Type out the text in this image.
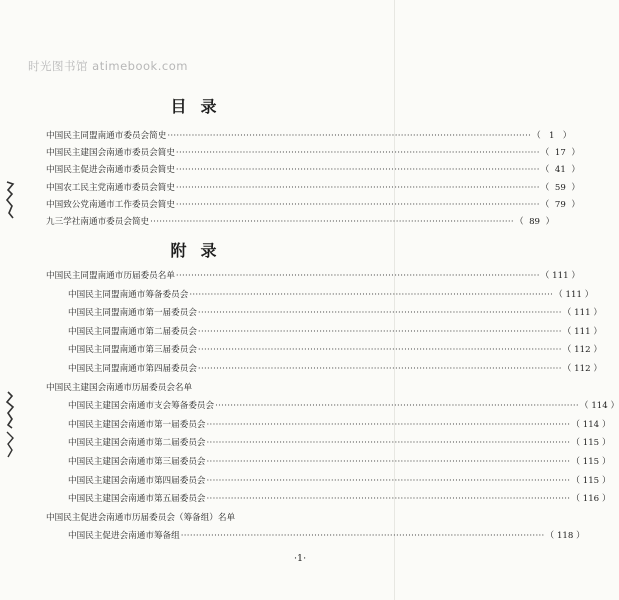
时光图书馆 atimebook.com
目录
中国民主同盟南通市委员会简史 ························································································································ （ 1 ）
中国民主建国会南通市委员会简史 ························································································································ （ 17 ）
中国民主促进会南通市委员会简史 ························································································································ （ 41 ）
中国农工民主党南通市委员会简史 ························································································································ （ 59 ）
中国致公党南通市工作委员会简史 ························································································································ （ 79 ）
九三学社南通市委员会简史 ························································································································ （ 89 ）
附录
中国民主同盟南通市历届委员名单 ························································································································ （ 111 ）
中国民主同盟南通市筹备委员会 ························································································································ （ 111 ）
中国民主同盟南通市第一届委员会 ························································································································ （ 111 ）
中国民主同盟南通市第二届委员会 ························································································································ （ 111 ）
中国民主同盟南通市第三届委员会 ························································································································ （ 112 ）
中国民主同盟南通市第四届委员会 ························································································································ （ 112 ）
中国民主建国会南通市历届委员会名单
中国民主建国会南通市支会筹备委员会 ························································································································ （ 114 ）
中国民主建国会南通市第一届委员会 ························································································································ （ 114 ）
中国民主建国会南通市第二届委员会 ························································································································ （ 115 ）
中国民主建国会南通市第三届委员会 ························································································································ （ 115 ）
中国民主建国会南通市第四届委员会 ························································································································ （ 115 ）
中国民主建国会南通市第五届委员会 ························································································································ （ 116 ）
中国民主促进会南通市历届委员会（筹备组）名单
中国民主促进会南通市筹备组 ························································································································ （ 118 ）
·1·
